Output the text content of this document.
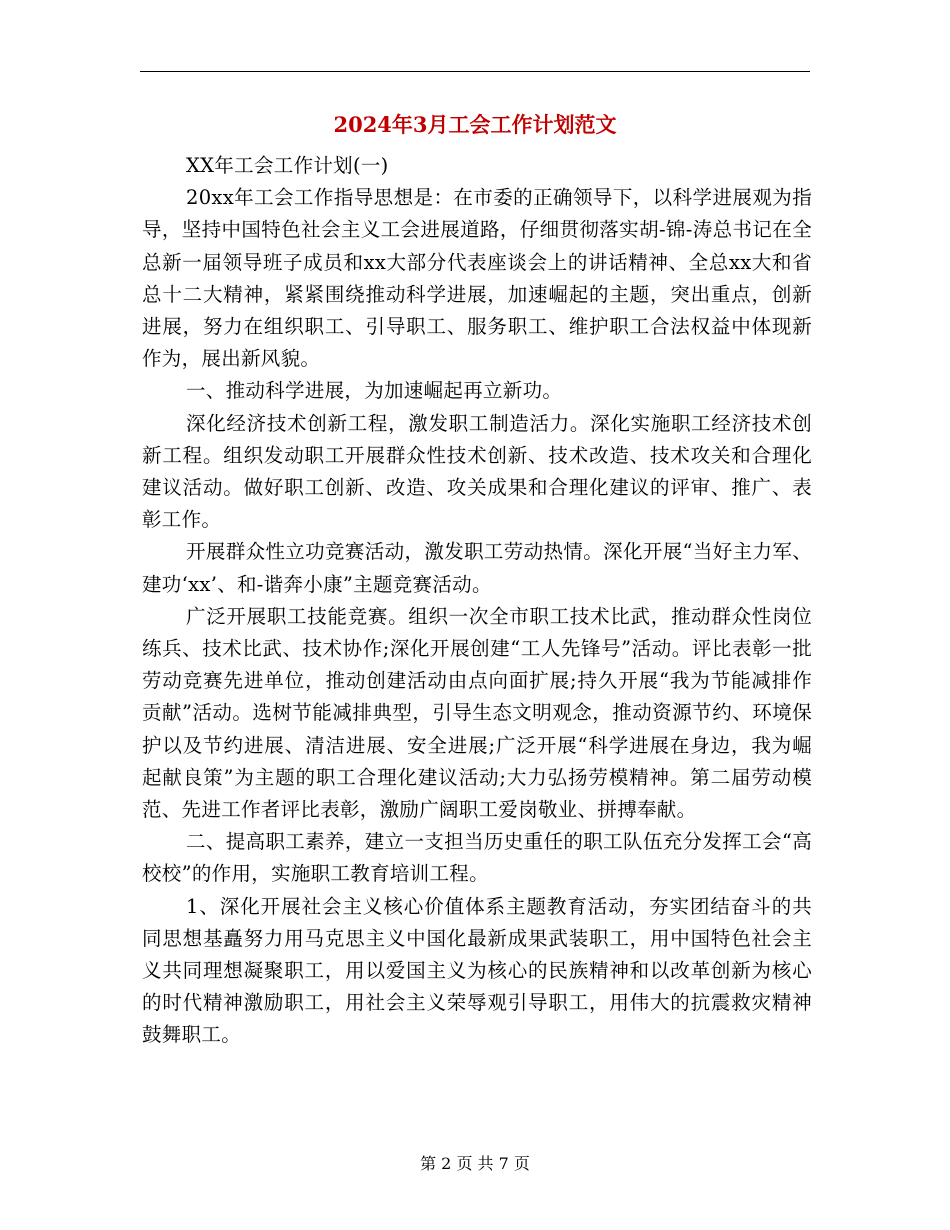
2024年3月工会工作计划范文

XX年工会工作计划(一)

20xx年工会工作指导思想是：在市委的正确领导下，以科学进展观为指导，坚持中国特色社会主义工会进展道路，仔细贯彻落实胡-锦-涛总书记在全总新一届领导班子成员和xx大部分代表座谈会上的讲话精神、全总xx大和省总十二大精神，紧紧围绕推动科学进展，加速崛起的主题，突出重点，创新进展，努力在组织职工、引导职工、服务职工、维护职工合法权益中体现新作为，展出新风貌。

一、推动科学进展，为加速崛起再立新功。

深化经济技术创新工程，激发职工制造活力。深化实施职工经济技术创新工程。组织发动职工开展群众性技术创新、技术改造、技术攻关和合理化建议活动。做好职工创新、改造、攻关成果和合理化建议的评审、推广、表彰工作。

开展群众性立功竞赛活动，激发职工劳动热情。深化开展“当好主力军、建功‘xx’、和-谐奔小康”主题竞赛活动。

广泛开展职工技能竞赛。组织一次全市职工技术比武，推动群众性岗位练兵、技术比武、技术协作;深化开展创建“工人先锋号”活动。评比表彰一批劳动竞赛先进单位，推动创建活动由点向面扩展;持久开展“我为节能减排作贡献”活动。选树节能减排典型，引导生态文明观念，推动资源节约、环境保护以及节约进展、清洁进展、安全进展;广泛开展“科学进展在身边，我为崛起献良策”为主题的职工合理化建议活动;大力弘扬劳模精神。第二届劳动模范、先进工作者评比表彰，激励广阔职工爱岗敬业、拼搏奉献。

二、提高职工素养，建立一支担当历史重任的职工队伍充分发挥工会“高校校”的作用，实施职工教育培训工程。

1、深化开展社会主义核心价值体系主题教育活动，夯实团结奋斗的共同思想基矗努力用马克思主义中国化最新成果武装职工，用中国特色社会主义共同理想凝聚职工，用以爱国主义为核心的民族精神和以改革创新为核心的时代精神激励职工，用社会主义荣辱观引导职工，用伟大的抗震救灾精神鼓舞职工。

第 2 页 共 7 页
